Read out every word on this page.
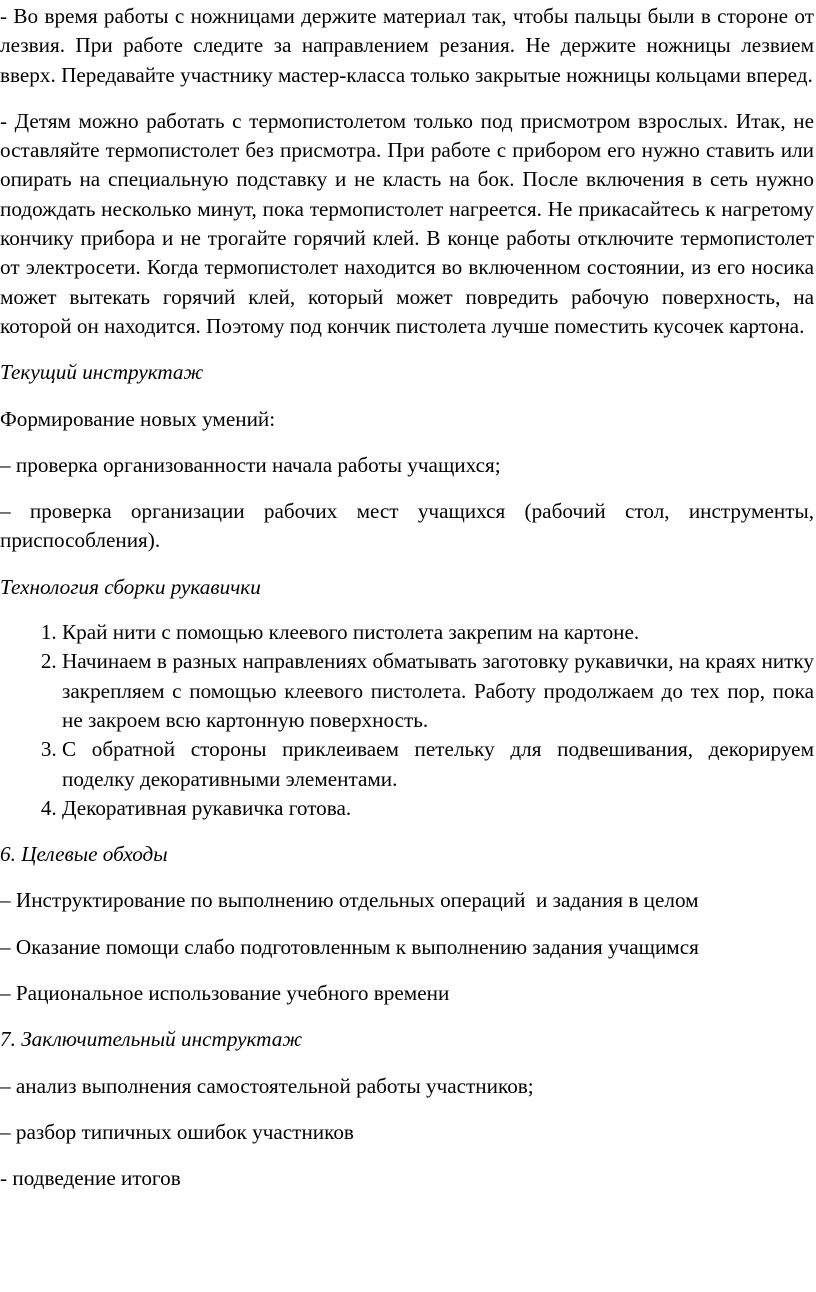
- Во время работы с ножницами держите материал так, чтобы пальцы были в стороне от лезвия. При работе следите за направлением резания. Не держите ножницы лезвием вверх. Передавайте участнику мастер-класса только закрытые ножницы кольцами вперед.

- Детям можно работать с термопистолетом только под присмотром взрослых. Итак, не оставляйте термопистолет без присмотра. При работе с прибором его нужно ставить или опирать на специальную подставку и не класть на бок. После включения в сеть нужно подождать несколько минут, пока термопистолет нагреется. Не прикасайтесь к нагретому кончику прибора и не трогайте горячий клей. В конце работы отключите термопистолет от электросети. Когда термопистолет находится во включенном состоянии, из его носика может вытекать горячий клей, который может повредить рабочую поверхность, на которой он находится. Поэтому под кончик пистолета лучше поместить кусочек картона.

Текущий инструктаж

Формирование новых умений:

– проверка организованности начала работы учащихся;

– проверка организации рабочих мест учащихся (рабочий стол, инструменты, приспособления).

Технология сборки рукавички

1. Край нити с помощью клеевого пистолета закрепим на картоне.
2. Начинаем в разных направлениях обматывать заготовку рукавички, на краях нитку закрепляем с помощью клеевого пистолета. Работу продолжаем до тех пор, пока не закроем всю картонную поверхность.
3. С обратной стороны приклеиваем петельку для подвешивания, декорируем поделку декоративными элементами.
4. Декоративная рукавичка готова.

6. Целевые обходы

– Инструктирование по выполнению отдельных операций  и задания в целом

– Оказание помощи слабо подготовленным к выполнению задания учащимся

– Рациональное использование учебного времени

7. Заключительный инструктаж

– анализ выполнения самостоятельной работы участников;

– разбор типичных ошибок участников

- подведение итогов
